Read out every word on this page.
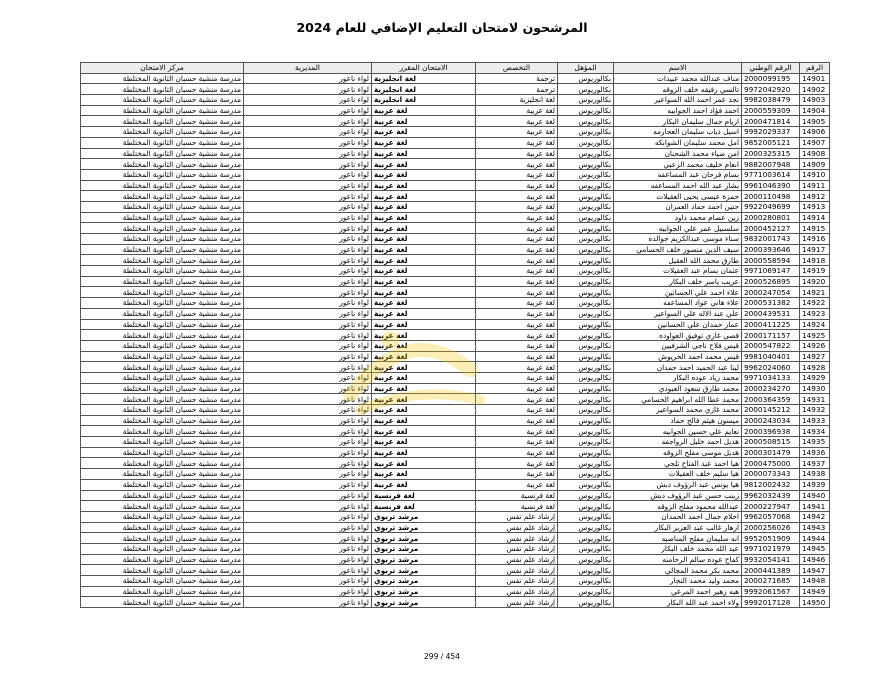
المرشحون لامتحان التعليم الإضافي للعام 2024
الرقم	الرقم الوطني	الاسم	المؤهل	التخصص	الامتحان المقرر	المديرية	مركز الامتحان
14901	2000099195	مناف عبدالله محمد عبيدات	بكالوريوس	ترجمة	لغة انجليزية	لواء ناعور	مدرسة منشية حسبان الثانوية المختلطة
14902	9972042920	تالسي رفيقه خلف الزوقه	بكالوريوس	ترجمة	لغة انجليزية	لواء ناعور	مدرسة منشية حسبان الثانوية المختلطة
14903	9982038479	نجد عمر احمد الله السواعير	بكالوريوس	لغة انجليزية	لغة انجليزية	لواء ناعور	مدرسة منشية حسبان الثانوية المختلطة
14904	2000559309	احمد فؤاد احمد الجوابيه	بكالوريوس	لغة عربية	لغة عربية	لواء ناعور	مدرسة منشية حسبان الثانوية المختلطة
14905	2000471814	اريام جمال سليمان البكار	بكالوريوس	لغة عربية	لغة عربية	لواء ناعور	مدرسة منشية حسبان الثانوية المختلطة
14906	9992029337	اسيل ذياب سليمان العجارمه	بكالوريوس	لغة عربية	لغة عربية	لواء ناعور	مدرسة منشية حسبان الثانوية المختلطة
14907	9852005121	امل محمد سليمان الشوابكه	بكالوريوس	لغة عربية	لغة عربية	لواء ناعور	مدرسة منشية حسبان الثانوية المختلطة
14908	2000325315	امن ضياء محمد الشحنان	بكالوريوس	لغة عربية	لغة عربية	لواء ناعور	مدرسة منشية حسبان الثانوية المختلطة
14909	9882007948	انعام خليف محمد الزعبي	بكالوريوس	لغة عربية	لغة عربية	لواء ناعور	مدرسة منشية حسبان الثانوية المختلطة
14910	9771003614	بسام فرحان عبد المساعفه	بكالوريوس	لغة عربية	لغة عربية	لواء ناعور	مدرسة منشية حسبان الثانوية المختلطة
14911	9961046390	بشار عبد الله احمد المساعفه	بكالوريوس	لغة عربية	لغة عربية	لواء ناعور	مدرسة منشية حسبان الثانوية المختلطة
14912	2000110498	حمزة عيسى يحيى العقيلات	بكالوريوس	لغة عربية	لغة عربية	لواء ناعور	مدرسة منشية حسبان الثانوية المختلطة
14913	9922049699	حنين احمد حماد العمران	بكالوريوس	لغة عربية	لغة عربية	لواء ناعور	مدرسة منشية حسبان الثانوية المختلطة
14914	2000280801	زين عصام محمد داود	بكالوريوس	لغة عربية	لغة عربية	لواء ناعور	مدرسة منشية حسبان الثانوية المختلطة
14915	2000452127	سلسبيل عمر علي الجوابيه	بكالوريوس	لغة عربية	لغة عربية	لواء ناعور	مدرسة منشية حسبان الثانوية المختلطة
14916	9832001743	سناء موسى عبدالكريم جوالده	بكالوريوس	لغة عربية	لغة عربية	لواء ناعور	مدرسة منشية حسبان الثانوية المختلطة
14917	2000393646	سيف الدين منصور خلف الحسامي	بكالوريوس	لغة عربية	لغة عربية	لواء ناعور	مدرسة منشية حسبان الثانوية المختلطة
14918	2000558594	طارق محمد الله العقيل	بكالوريوس	لغة عربية	لغة عربية	لواء ناعور	مدرسة منشية حسبان الثانوية المختلطة
14919	9971069147	عثمان بسام عبد العقيلات	بكالوريوس	لغة عربية	لغة عربية	لواء ناعور	مدرسة منشية حسبان الثانوية المختلطة
14920	2000526895	عريب ياسر خلف البكار	بكالوريوس	لغة عربية	لغة عربية	لواء ناعور	مدرسة منشية حسبان الثانوية المختلطة
14921	2000247054	علاء احمد علي الحسانين	بكالوريوس	لغة عربية	لغة عربية	لواء ناعور	مدرسة منشية حسبان الثانوية المختلطة
14922	2000531382	علاء هاني عواد المساعفه	بكالوريوس	لغة عربية	لغة عربية	لواء ناعور	مدرسة منشية حسبان الثانوية المختلطة
14923	2000439531	علي عبد الاله علي السواعير	بكالوريوس	لغة عربية	لغة عربية	لواء ناعور	مدرسة منشية حسبان الثانوية المختلطة
14924	2000411225	عمار حمدان علي الحسانين	بكالوريوس	لغة عربية	لغة عربية	لواء ناعور	مدرسة منشية حسبان الثانوية المختلطة
14925	2000171157	قصي غازي توفيق العواوده	بكالوريوس	لغة عربية	لغة عربية	لواء ناعور	مدرسة منشية حسبان الثانوية المختلطة
14926	2000547822	قيس فلاح ناجي الشرفيين	بكالوريوس	لغة عربية	لغة عربية	لواء ناعور	مدرسة منشية حسبان الثانوية المختلطة
14927	9981040401	قيس محمد احمد الخريوش	بكالوريوس	لغة عربية	لغة عربية	لواء ناعور	مدرسة منشية حسبان الثانوية المختلطة
14928	9962024060	لينا عبد الحميد احمد حمدان	بكالوريوس	لغة عربية	لغة عربية	لواء ناعور	مدرسة منشية حسبان الثانوية المختلطة
14929	9971034133	محمد زياد عوده البكار	بكالوريوس	لغة عربية	لغة عربية	لواء ناعور	مدرسة منشية حسبان الثانوية المختلطة
14930	2000234270	محمد طارق سعود العبودي	بكالوريوس	لغة عربية	لغة عربية	لواء ناعور	مدرسة منشية حسبان الثانوية المختلطة
14931	2000364359	محمد عطا الله ابراهيم الحسامي	بكالوريوس	لغة عربية	لغة عربية	لواء ناعور	مدرسة منشية حسبان الثانوية المختلطة
14932	2000145212	محمد غازي محمد السواعير	بكالوريوس	لغة عربية	لغة عربية	لواء ناعور	مدرسة منشية حسبان الثانوية المختلطة
14933	2000243034	ميسون هيثم فالح حماد	بكالوريوس	لغة عربية	لغة عربية	لواء ناعور	مدرسة منشية حسبان الثانوية المختلطة
14934	2000396938	نعايم علي حسين الجوابيه	بكالوريوس	لغة عربية	لغة عربية	لواء ناعور	مدرسة منشية حسبان الثانوية المختلطة
14935	2000508515	هديل احمد خليل الرواجفه	بكالوريوس	لغة عربية	لغة عربية	لواء ناعور	مدرسة منشية حسبان الثانوية المختلطة
14936	2000301479	هديل موسى مفلح الزوقه	بكالوريوس	لغة عربية	لغة عربية	لواء ناعور	مدرسة منشية حسبان الثانوية المختلطة
14937	2000475000	هيا احمد عبد الفتاح تلجي	بكالوريوس	لغة عربية	لغة عربية	لواء ناعور	مدرسة منشية حسبان الثانوية المختلطة
14938	2000073343	هيا سليم خلف العقيلات	بكالوريوس	لغة عربية	لغة عربية	لواء ناعور	مدرسة منشية حسبان الثانوية المختلطة
14939	9812002432	هيا يونس عبد الرؤوف دبش	بكالوريوس	لغة عربية	لغة عربية	لواء ناعور	مدرسة منشية حسبان الثانوية المختلطة
14940	9962032439	زينب حسن عبد الرؤوف دبش	بكالوريوس	لغة فرنسية	لغة فرنسية	لواء ناعور	مدرسة منشية حسبان الثانوية المختلطة
14941	2000227947	عبدالله محمود مفلح الزوقه	بكالوريوس	لغة فرنسية	لغة فرنسية	لواء ناعور	مدرسة منشية حسبان الثانوية المختلطة
14942	9962057068	احلام جمال احمد الحمدان	بكالوريوس	إرشاد علم نفس	مرشد تربوي	لواء ناعور	مدرسة منشية حسبان الثانوية المختلطة
14943	2000256026	ازهار غالب عبد العزيز البكار	بكالوريوس	إرشاد علم نفس	مرشد تربوي	لواء ناعور	مدرسة منشية حسبان الثانوية المختلطة
14944	9952051909	انه سليمان مفلح المناصبه	بكالوريوس	إرشاد علم نفس	مرشد تربوي	لواء ناعور	مدرسة منشية حسبان الثانوية المختلطة
14945	9971021979	عبد الله محمد خلف البكار	بكالوريوس	إرشاد علم نفس	مرشد تربوي	لواء ناعور	مدرسة منشية حسبان الثانوية المختلطة
14946	9932054141	كفاح عوده سالم الرحامنه	بكالوريوس	إرشاد علم نفس	مرشد تربوي	لواء ناعور	مدرسة منشية حسبان الثانوية المختلطة
14947	2000441389	محمد بكر محمد المجالي	بكالوريوس	إرشاد علم نفس	مرشد تربوي	لواء ناعور	مدرسة منشية حسبان الثانوية المختلطة
14948	2000271685	محمد وليد محمد النجار	بكالوريوس	إرشاد علم نفس	مرشد تربوي	لواء ناعور	مدرسة منشية حسبان الثانوية المختلطة
14949	9992061567	هبه زهير احمد المرعي	بكالوريوس	إرشاد علم نفس	مرشد تربوي	لواء ناعور	مدرسة منشية حسبان الثانوية المختلطة
14950	9992017128	ولاء احمد عبد الله البكار	بكالوريوس	إرشاد علم نفس	مرشد تربوي	لواء ناعور	مدرسة منشية حسبان الثانوية المختلطة
299 / 454
